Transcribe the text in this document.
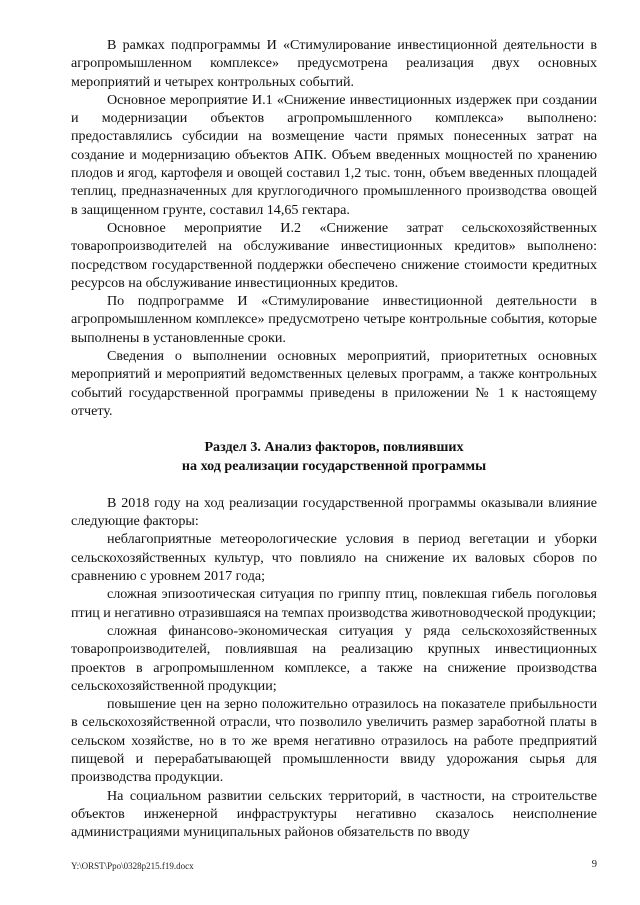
В рамках подпрограммы И «Стимулирование инвестиционной деятельности в агропромышленном комплексе» предусмотрена реализация двух основных мероприятий и четырех контрольных событий.

Основное мероприятие И.1 «Снижение инвестиционных издержек при создании и модернизации объектов агропромышленного комплекса» выполнено: предоставлялись субсидии на возмещение части прямых понесенных затрат на создание и модернизацию объектов АПК. Объем введенных мощностей по хранению плодов и ягод, картофеля и овощей составил 1,2 тыс. тонн, объем введенных площадей теплиц, предназначенных для круглогодичного промышленного производства овощей в защищенном грунте, составил 14,65 гектара.

Основное мероприятие И.2 «Снижение затрат сельскохозяйственных товаропроизводителей на обслуживание инвестиционных кредитов» выполнено: посредством государственной поддержки обеспечено снижение стоимости кредитных ресурсов на обслуживание инвестиционных кредитов.

По подпрограмме И «Стимулирование инвестиционной деятельности в агропромышленном комплексе» предусмотрено четыре контрольные события, которые выполнены в установленные сроки.

Сведения о выполнении основных мероприятий, приоритетных основных мероприятий и мероприятий ведомственных целевых программ, а также контрольных событий государственной программы приведены в приложении № 1 к настоящему отчету.

Раздел 3. Анализ факторов, повлиявших
на ход реализации государственной программы

В 2018 году на ход реализации государственной программы оказывали влияние следующие факторы:

неблагоприятные метеорологические условия в период вегетации и уборки сельскохозяйственных культур, что повлияло на снижение их валовых сборов по сравнению с уровнем 2017 года;

сложная эпизоотическая ситуация по гриппу птиц, повлекшая гибель поголовья птиц и негативно отразившаяся на темпах производства животноводческой продукции;

сложная финансово-экономическая ситуация у ряда сельскохозяйственных товаропроизводителей, повлиявшая на реализацию крупных инвестиционных проектов в агропромышленном комплексе, а также на снижение производства сельскохозяйственной продукции;

повышение цен на зерно положительно отразилось на показателе прибыльности в сельскохозяйственной отрасли, что позволило увеличить размер заработной платы в сельском хозяйстве, но в то же время негативно отразилось на работе предприятий пищевой и перерабатывающей промышленности ввиду удорожания сырья для производства продукции.

На социальном развитии сельских территорий, в частности, на строительстве объектов инженерной инфраструктуры негативно сказалось неисполнение администрациями муниципальных районов обязательств по вводу

Y:\ORST\Ppo\0328p215.f19.docx	9
